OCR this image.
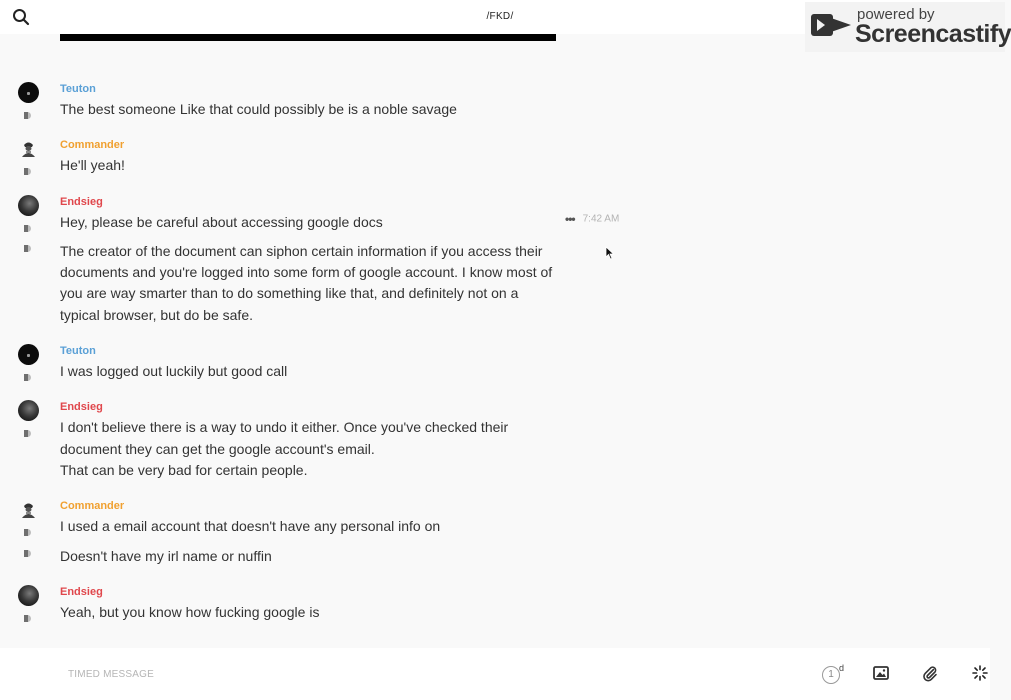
/FKD/	powered by
Screencastify
Teuton
The best someone Like that could possibly be is a noble savage
Commander
He'll yeah!
Endsieg
Hey, please be careful about accessing google docs	••• 7:42 AM
The creator of the document can siphon certain information if you access their documents and you're logged into some form of google account. I know most of you are way smarter than to do something like that, and definitely not on a typical browser, but do be safe.
Teuton
I was logged out luckily but good call
Endsieg
I don't believe there is a way to undo it either. Once you've checked their document they can get the google account's email.
That can be very bad for certain people.
Commander
I used a email account that doesn't have any personal info on
Doesn't have my irl name or nuffin
Endsieg
Yeah, but you know how fucking google is
TIMED MESSAGE
1
d
